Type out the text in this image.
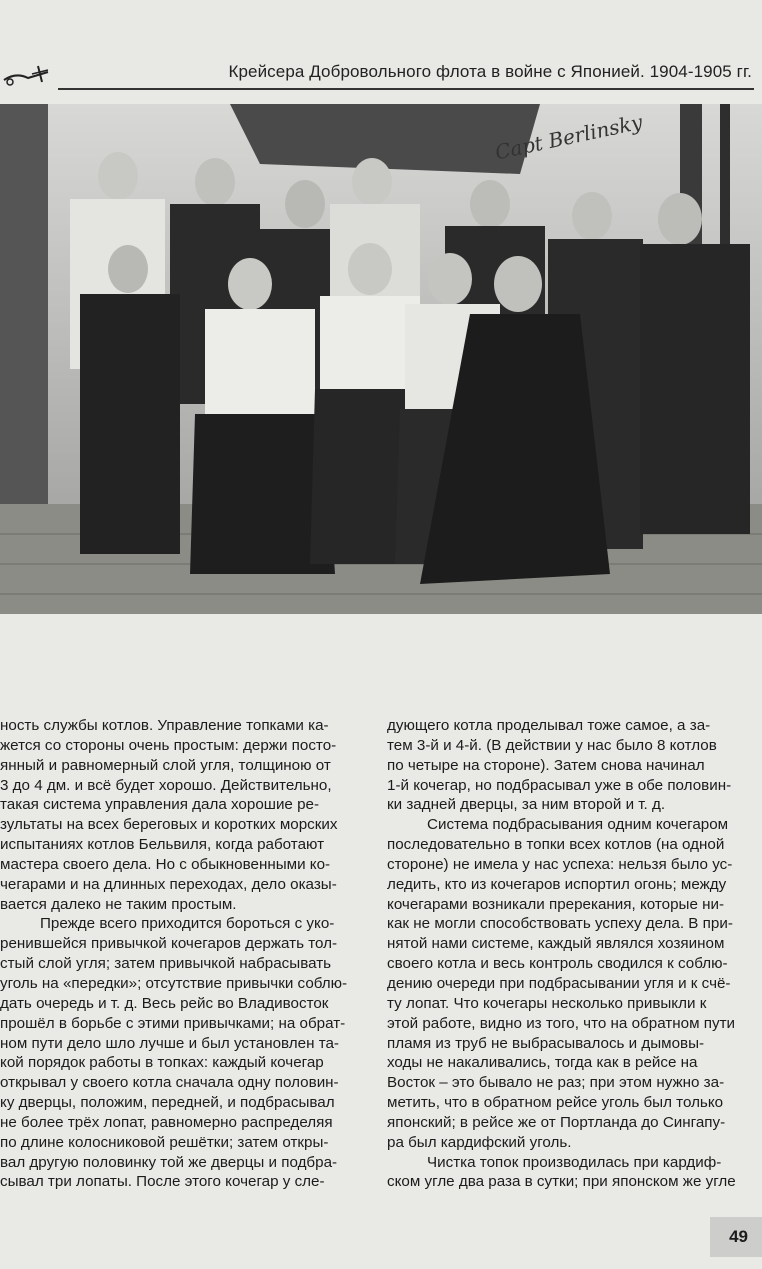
Крейсера Добровольного флота в войне с Японией. 1904-1905 гг.
Capt Berlinsky
ность службы котлов. Управление топками ка-
жется со стороны очень простым: держи посто-
янный и равномерный слой угля, толщиною от
3 до 4 дм. и всё будет хорошо. Действительно,
такая система управления дала хорошие ре-
зультаты на всех береговых и коротких морских
испытаниях котлов Бельвиля, когда работают
мастера своего дела. Но с обыкновенными ко-
чегарами и на длинных переходах, дело оказы-
вается далеко не таким простым.
Прежде всего приходится бороться с уко-
ренившейся привычкой кочегаров держать тол-
стый слой угля; затем привычкой набрасывать
уголь на «передки»; отсутствие привычки соблю-
дать очередь и т. д. Весь рейс во Владивосток
прошёл в борьбе с этими привычками; на обрат-
ном пути дело шло лучше и был установлен та-
кой порядок работы в топках: каждый кочегар
открывал у своего котла сначала одну половин-
ку дверцы, положим, передней, и подбрасывал
не более трёх лопат, равномерно распределяя
по длине колосниковой решётки; затем откры-
вал другую половинку той же дверцы и подбра-
сывал три лопаты. После этого кочегар у сле-
дующего котла проделывал тоже самое, а за-
тем 3-й и 4-й. (В действии у нас было 8 котлов
по четыре на стороне). Затем снова начинал
1-й кочегар, но подбрасывал уже в обе половин-
ки задней дверцы, за ним второй и т. д.
Система подбрасывания одним кочегаром
последовательно в топки всех котлов (на одной
стороне) не имела у нас успеха: нельзя было ус-
ледить, кто из кочегаров испортил огонь; между
кочегарами возникали пререкания, которые ни-
как не могли способствовать успеху дела. В при-
нятой нами системе, каждый являлся хозяином
своего котла и весь контроль сводился к соблю-
дению очереди при подбрасывании угля и к счё-
ту лопат. Что кочегары несколько привыкли к
этой работе, видно из того, что на обратном пути
пламя из труб не выбрасывалось и дымовы-
ходы не накаливались, тогда как в рейсе на
Восток – это бывало не раз; при этом нужно за-
метить, что в обратном рейсе уголь был только
японский; в рейсе же от Портланда до Сингапу-
ра был кардифский уголь.
Чистка топок производилась при кардиф-
ском угле два раза в сутки; при японском же угле
49
